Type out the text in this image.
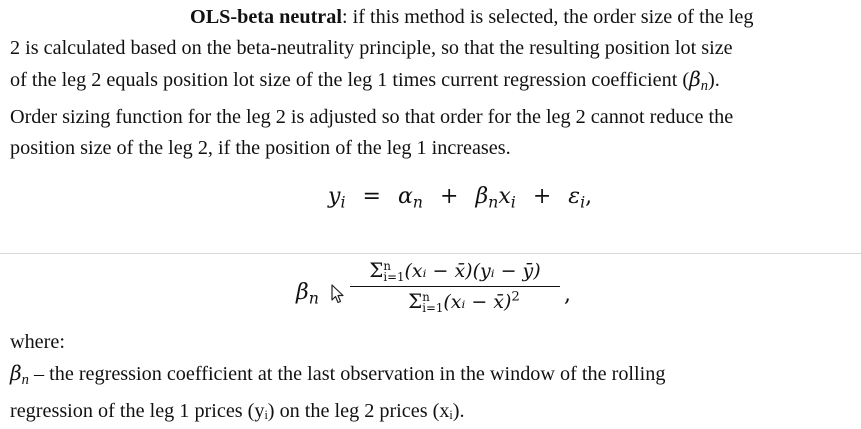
OLS-beta neutral: if this method is selected, the order size of the leg
2 is calculated based on the beta-neutrality principle, so that the resulting position lot size
of the leg 2 equals position lot size of the leg 1 times current regression coefficient $(\beta_n)$.
Order sizing function for the leg 2 is adjusted so that order for the leg 2 cannot reduce the
position size of the leg 2, if the position of the leg 1 increases.
$y_i = \alpha_n + \beta_nx_i + \varepsilon_i$,
$\beta_n$
Σ n
i=1 (xᵢ − x̄)(yᵢ − ȳ)
Σ n
i=1 (xᵢ − x̄)$^2$	,
where:
$\beta_n$ – the regression coefficient at the last observation in the window of the rolling
regression of the leg 1 prices (yᵢ) on the leg 2 prices (xᵢ).
